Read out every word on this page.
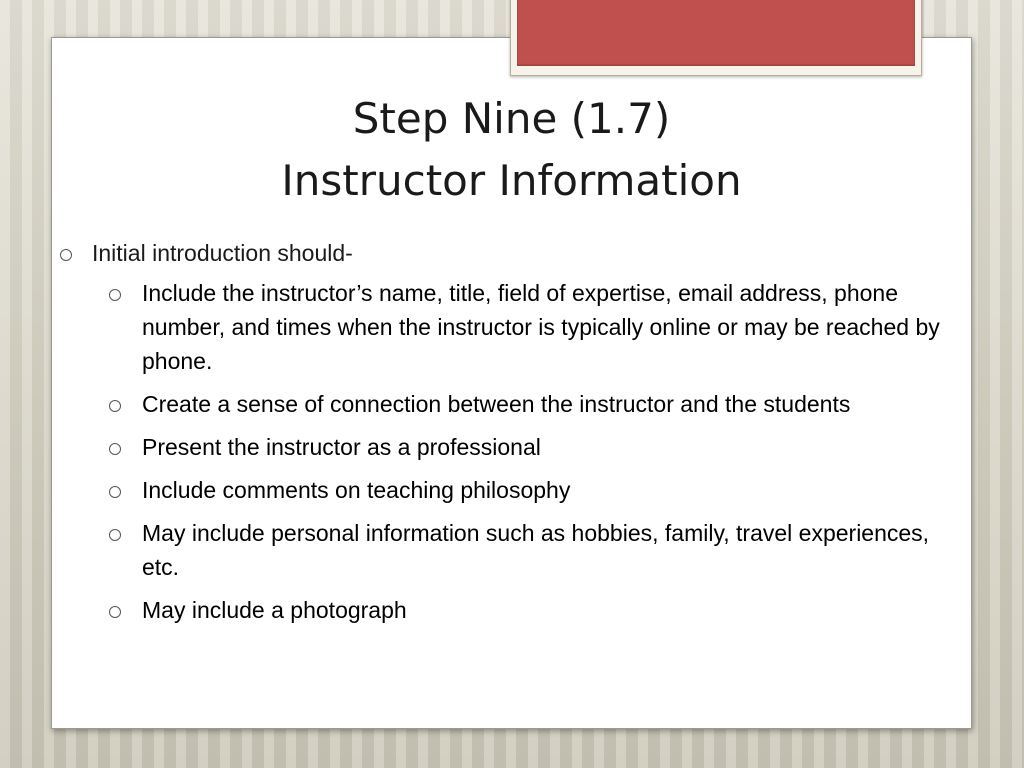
Step Nine (1.7)
Instructor Information
Initial introduction should-
Include the instructor’s name, title, field of expertise, email address, phone number, and times when the instructor is typically online or may be reached by phone.
Create a sense of connection between the instructor and the students
Present the instructor as a professional
Include comments on teaching philosophy
May include personal information such as hobbies, family, travel experiences, etc.
May include a photograph
